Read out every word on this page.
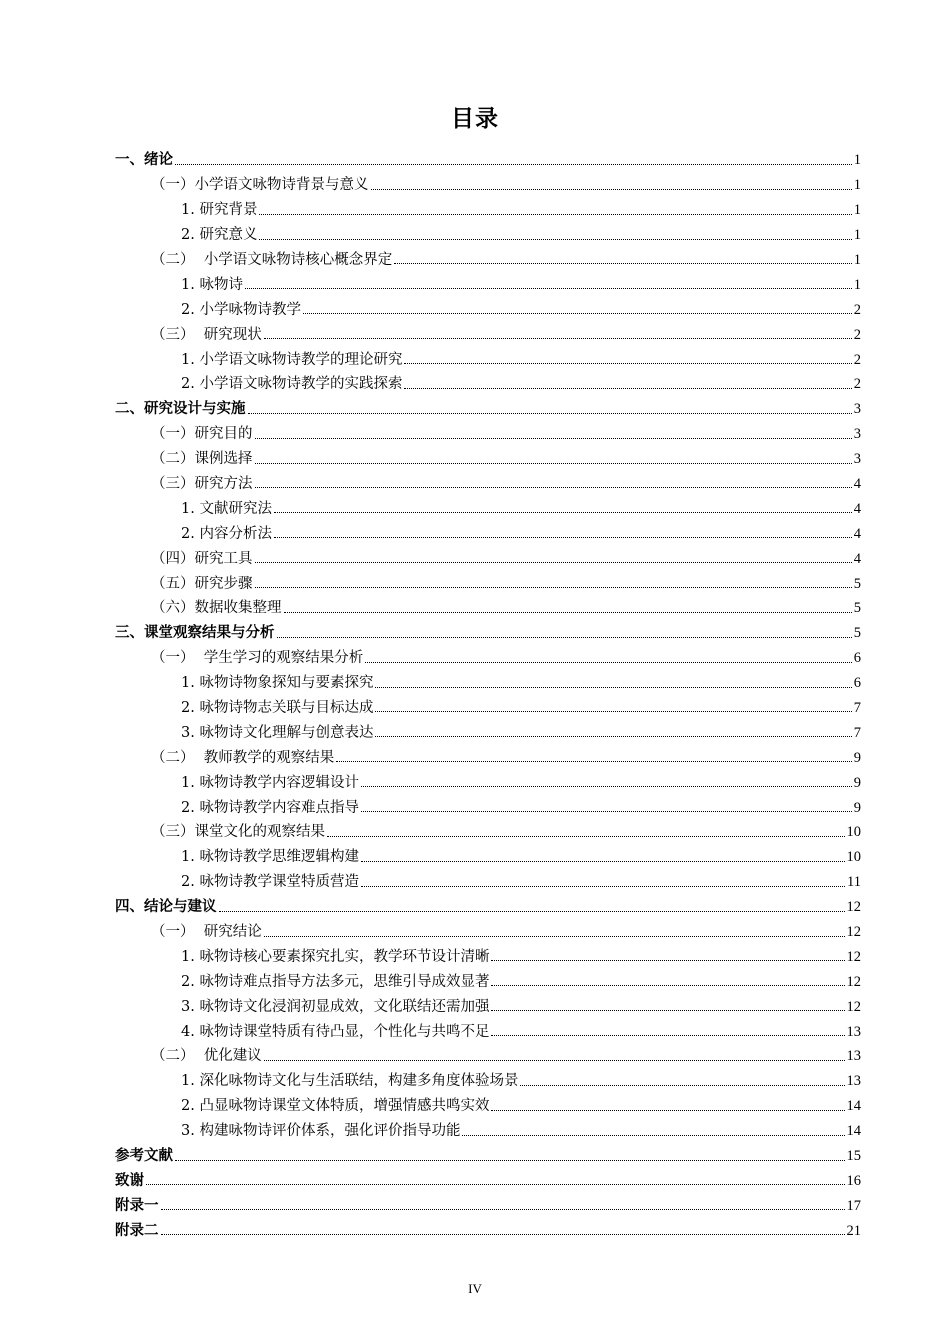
目录
一、绪论	1
（一）小学语文咏物诗背景与意义	1
1. 研究背景	1
2. 研究意义	1
（二）  小学语文咏物诗核心概念界定	1
1. 咏物诗	1
2. 小学咏物诗教学	2
（三）  研究现状	2
1. 小学语文咏物诗教学的理论研究	2
2. 小学语文咏物诗教学的实践探索	2
二、研究设计与实施	3
（一）研究目的	3
（二）课例选择	3
（三）研究方法	4
1. 文献研究法	4
2. 内容分析法	4
（四）研究工具	4
（五）研究步骤	5
（六）数据收集整理	5
三、课堂观察结果与分析	5
（一）  学生学习的观察结果分析	6
1. 咏物诗物象探知与要素探究	6
2. 咏物诗物志关联与目标达成	7
3. 咏物诗文化理解与创意表达	7
（二）  教师教学的观察结果	9
1. 咏物诗教学内容逻辑设计	9
2. 咏物诗教学内容难点指导	9
（三）课堂文化的观察结果	10
1. 咏物诗教学思维逻辑构建	10
2. 咏物诗教学课堂特质营造	11
四、结论与建议	12
（一）  研究结论	12
1. 咏物诗核心要素探究扎实，教学环节设计清晰	12
2. 咏物诗难点指导方法多元，思维引导成效显著	12
3. 咏物诗文化浸润初显成效，文化联结还需加强	12
4. 咏物诗课堂特质有待凸显，个性化与共鸣不足	13
（二）  优化建议	13
1. 深化咏物诗文化与生活联结，构建多角度体验场景	13
2. 凸显咏物诗课堂文体特质，增强情感共鸣实效	14
3. 构建咏物诗评价体系，强化评价指导功能	14
参考文献	15
致谢	16
附录一	17
附录二	21
IV
